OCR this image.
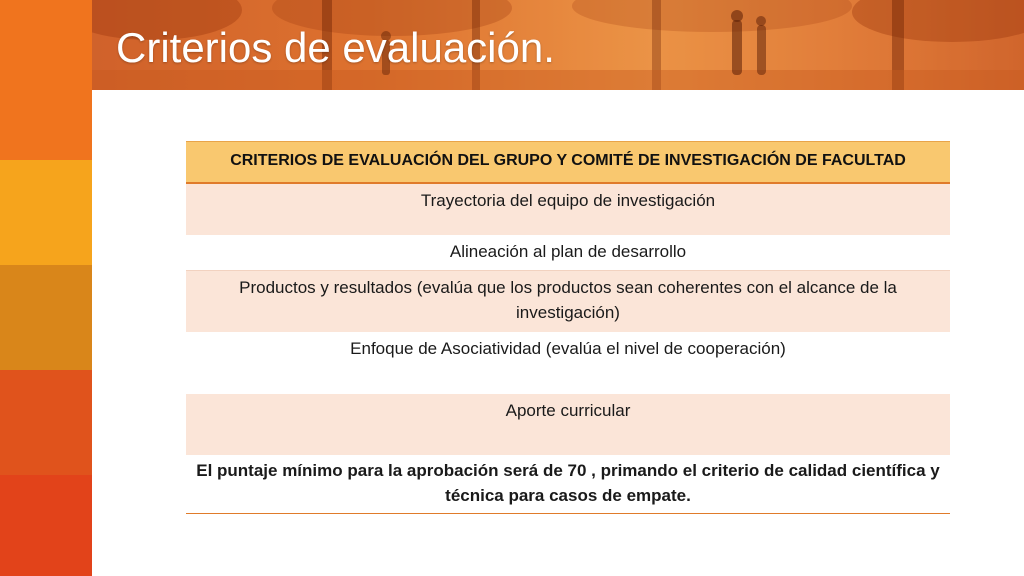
Criterios de evaluación.
CRITERIOS DE EVALUACIÓN DEL GRUPO Y COMITÉ DE INVESTIGACIÓN DE FACULTAD
Trayectoria del equipo de investigación
Alineación al plan de desarrollo
Productos y resultados (evalúa que los productos sean coherentes con el alcance de la investigación)
Enfoque de Asociatividad (evalúa el nivel de cooperación)
Aporte curricular
El puntaje mínimo para la aprobación será de 70 , primando el criterio de calidad científica y técnica para casos de empate.
